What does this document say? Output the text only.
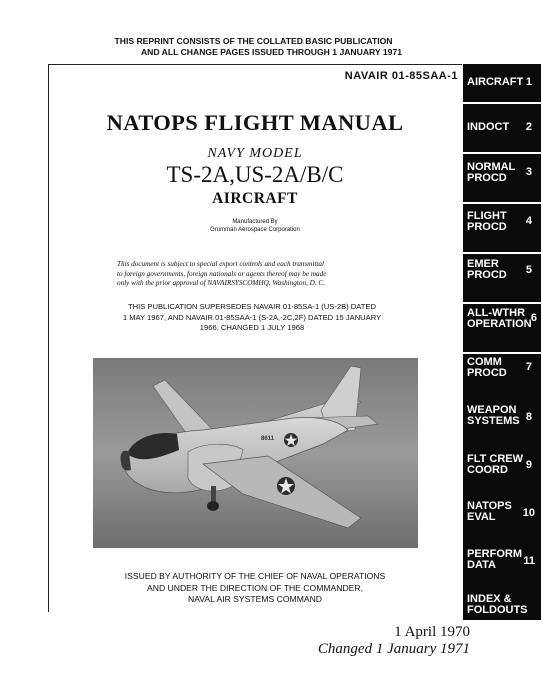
THIS REPRINT CONSISTS OF THE COLLATED BASIC PUBLICATION
AND ALL CHANGE PAGES ISSUED THROUGH 1 JANUARY 1971
NAVAIR 01-85SAA-1
NATOPS FLIGHT MANUAL
NAVY MODEL
TS-2A,US-2A/B/C
AIRCRAFT
Manufactured By
Grumman Aerospace Corporation
This document is subject to special export controls and each transmittal
to foreign governments, foreign nationals or agents thereof may be made
only with the prior approval of NAVAIRSYSCOMHQ, Washington, D. C.
THIS PUBLICATION SUPERSEDES NAVAIR 01-85SA-1 (US-2B) DATED
1 MAY 1967, AND NAVAIR 01-85SAA-1 (S-2A,-2C,2F) DATED 15 JANUARY
1966, CHANGED 1 JULY 1968
8611
ISSUED BY AUTHORITY OF THE CHIEF OF NAVAL OPERATIONS
AND UNDER THE DIRECTION OF THE COMMANDER,
NAVAL AIR SYSTEMS COMMAND
1 April 1970
Changed 1 January 1971
AIRCRAFT 1
INDOCT 2
NORMAL
PROCD	3
FLIGHT
PROCD 4
EMER
PROCD 5
ALL-WTHR
OPERATION 6
COMM
PROCD 7
WEAPON
SYSTEMS 8
FLT CREW
COORD	9
NATOPS
EVAL	10
PERFORM
DATA	11
INDEX &
FOLDOUTS
